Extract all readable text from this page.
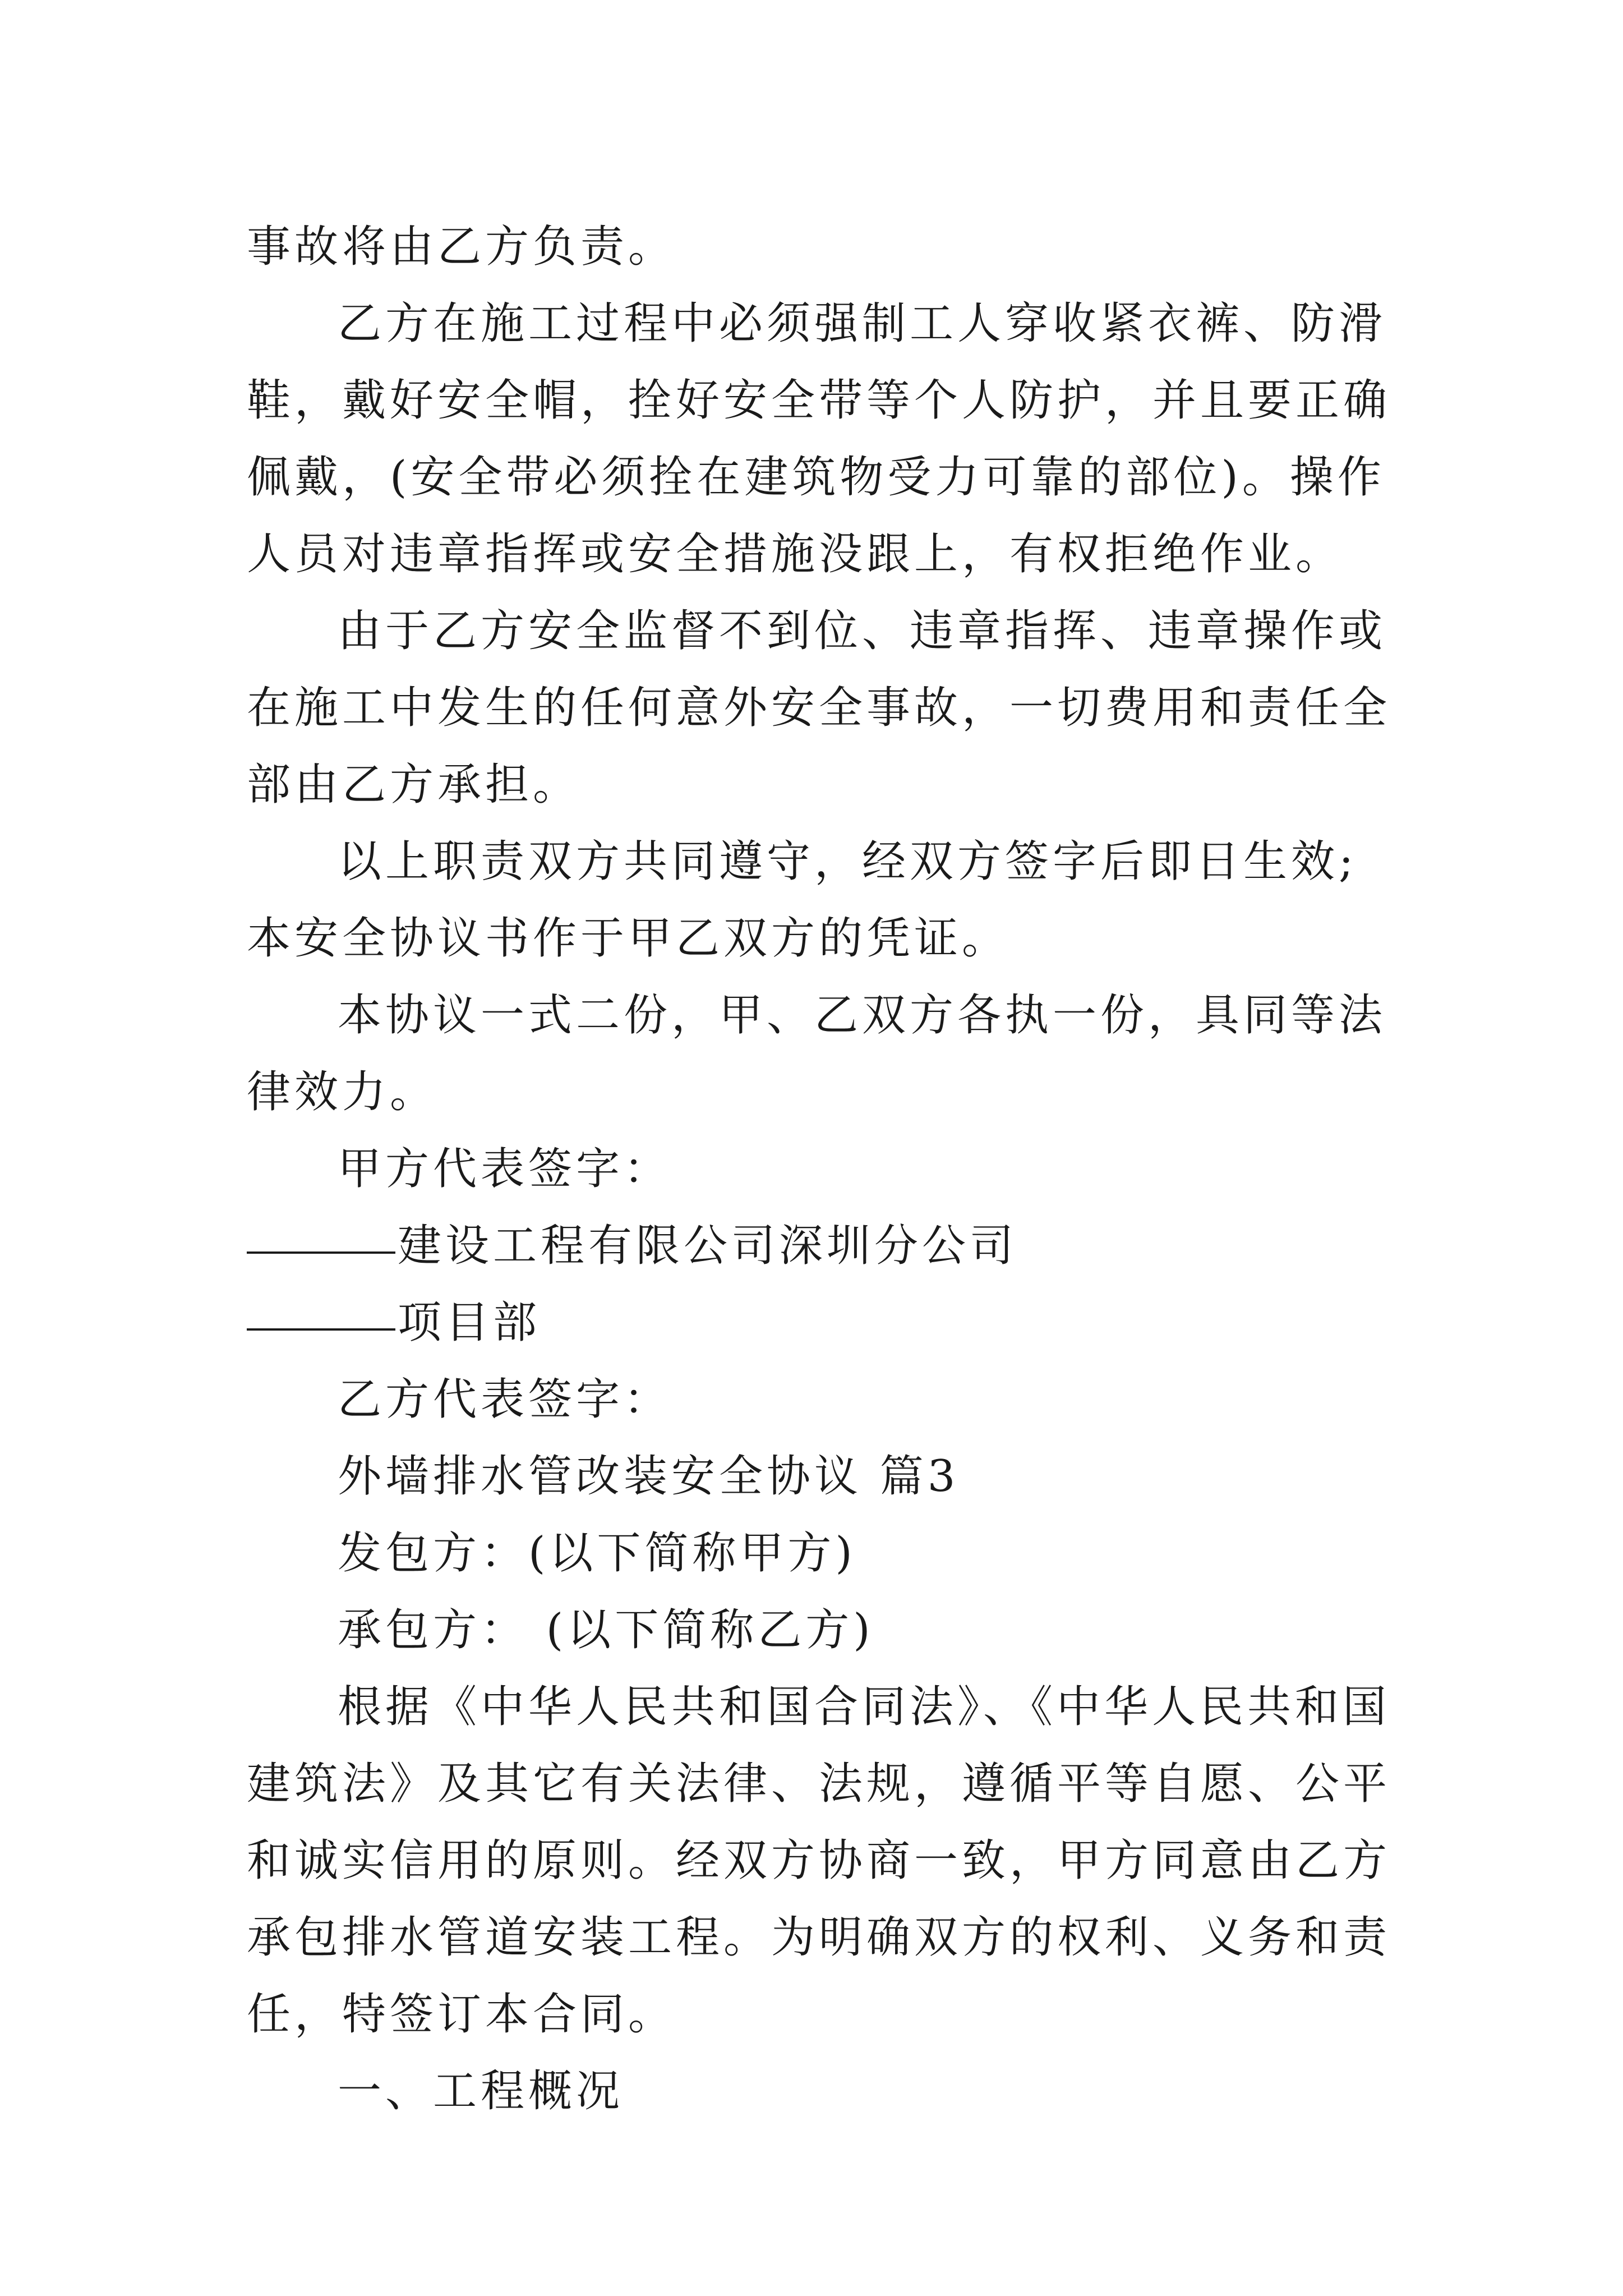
事故将由乙方负责。

乙方在施工过程中必须强制工人穿收紧衣裤、防滑鞋，戴好安全帽，拴好安全带等个人防护，并且要正确佩戴，(安全带必须拴在建筑物受力可靠的部位)。操作人员对违章指挥或安全措施没跟上，有权拒绝作业。

由于乙方安全监督不到位、违章指挥、违章操作或在施工中发生的任何意外安全事故，一切费用和责任全部由乙方承担。

以上职责双方共同遵守，经双方签字后即日生效;本安全协议书作于甲乙双方的凭证。

本协议一式二份，甲、乙双方各执一份，具同等法律效力。

甲方代表签字：

建设工程有限公司深圳分公司

项目部

乙方代表签字：

外墙排水管改装安全协议 篇3

发包方：(以下简称甲方)

承包方： (以下简称乙方)

根据《中华人民共和国合同法》、《中华人民共和国建筑法》及其它有关法律、法规，遵循平等自愿、公平和诚实信用的原则。经双方协商一致，甲方同意由乙方承包排水管道安装工程。为明确双方的权利、义务和责任，特签订本合同。

一、工程概况
